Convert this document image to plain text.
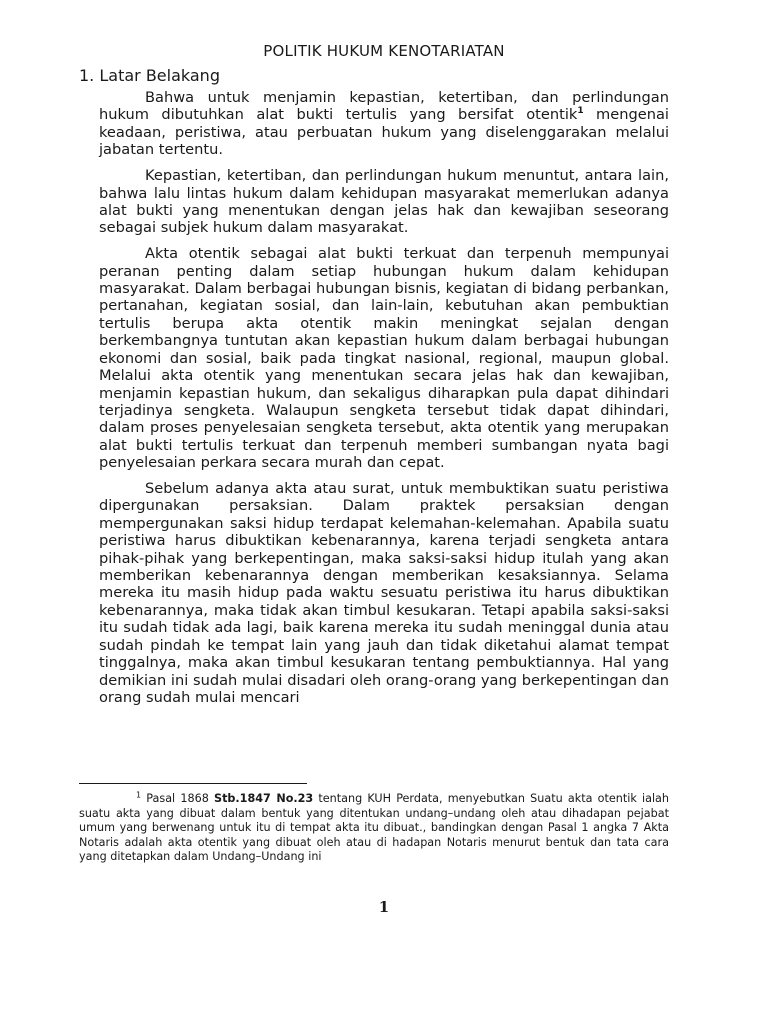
POLITIK HUKUM KENOTARIATAN
1. Latar Belakang

Bahwa untuk menjamin kepastian, ketertiban, dan perlindungan hukum dibutuhkan alat bukti tertulis yang bersifat otentik$^1$ mengenai keadaan, peristiwa, atau perbuatan hukum yang diselenggarakan melalui jabatan tertentu.

Kepastian, ketertiban, dan perlindungan hukum menuntut, antara lain, bahwa lalu lintas hukum dalam kehidupan masyarakat memerlukan adanya alat bukti yang menentukan dengan jelas hak dan kewajiban seseorang sebagai subjek hukum dalam masyarakat.

Akta otentik sebagai alat bukti terkuat dan terpenuh mempunyai peranan penting dalam setiap hubungan hukum dalam kehidupan masyarakat. Dalam berbagai hubungan bisnis, kegiatan di bidang perbankan, pertanahan, kegiatan sosial, dan lain-lain, kebutuhan akan pembuktian tertulis berupa akta otentik makin meningkat sejalan dengan berkembangnya tuntutan akan kepastian hukum dalam berbagai hubungan ekonomi dan sosial, baik pada tingkat nasional, regional, maupun global. Melalui akta otentik yang menentukan secara jelas hak dan kewajiban, menjamin kepastian hukum, dan sekaligus diharapkan pula dapat dihindari terjadinya sengketa. Walaupun sengketa tersebut tidak dapat dihindari, dalam proses penyelesaian sengketa tersebut, akta otentik yang merupakan alat bukti tertulis terkuat dan terpenuh memberi sumbangan nyata bagi penyelesaian perkara secara murah dan cepat.

Sebelum adanya akta atau surat, untuk membuktikan suatu peristiwa dipergunakan persaksian. Dalam praktek persaksian dengan mempergunakan saksi hidup terdapat kelemahan-kelemahan. Apabila suatu peristiwa harus dibuktikan kebenarannya, karena terjadi sengketa antara pihak-pihak yang berkepentingan, maka saksi-saksi hidup itulah yang akan memberikan kebenarannya dengan memberikan kesaksiannya. Selama mereka itu masih hidup pada waktu sesuatu peristiwa itu harus dibuktikan kebenarannya, maka tidak akan timbul kesukaran. Tetapi apabila saksi-saksi itu sudah tidak ada lagi, baik karena mereka itu sudah meninggal dunia atau sudah pindah ke tempat lain yang jauh dan tidak diketahui alamat tempat tinggalnya, maka akan timbul kesukaran tentang pembuktiannya. Hal yang demikian ini sudah mulai disadari oleh orang-orang yang berkepentingan dan orang sudah mulai mencari

$^1$ Pasal 1868 Stb.1847 No.23 tentang KUH Perdata, menyebutkan Suatu akta otentik ialah suatu akta yang dibuat dalam bentuk yang ditentukan undang–undang oleh atau dihadapan pejabat umum yang berwenang untuk itu di tempat akta itu dibuat., bandingkan dengan Pasal 1 angka 7 Akta Notaris adalah akta otentik yang dibuat oleh atau di hadapan Notaris menurut bentuk dan tata cara yang ditetapkan dalam Undang–Undang ini
1
